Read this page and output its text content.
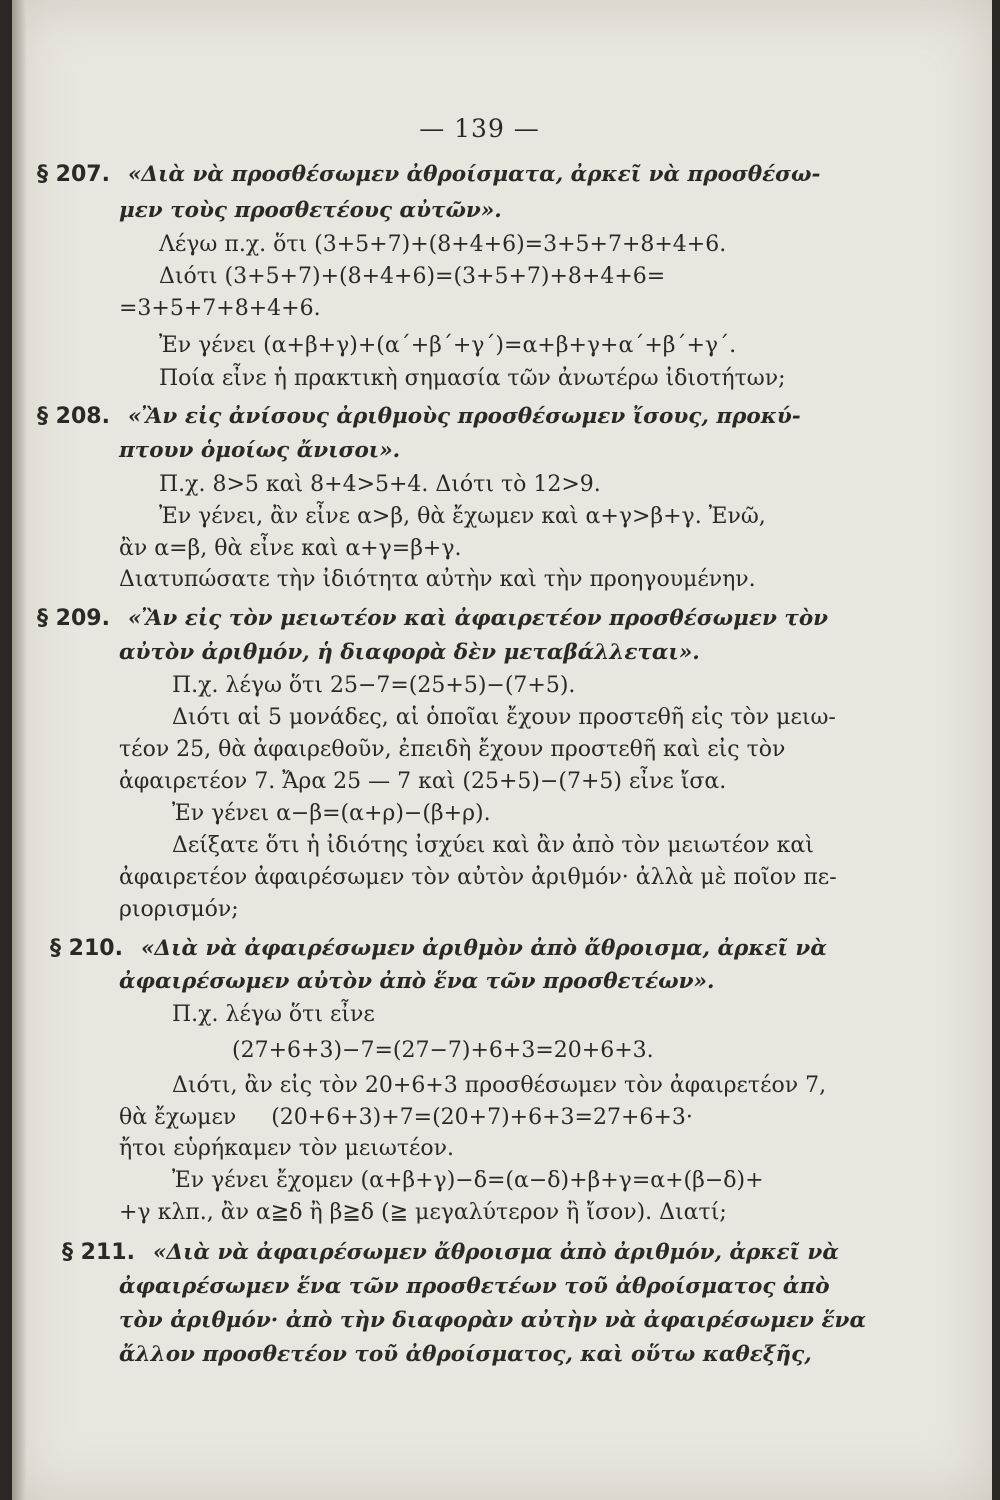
— 139 —
§ 207. «Διὰ νὰ προσθέσωμεν ἀθροίσματα, ἀρκεῖ νὰ προσθέσω-
μεν τοὺς προσθετέους αὐτῶν».
Λέγω π.χ. ὅτι (3+5+7)+(8+4+6)=3+5+7+8+4+6.
Διότι (3+5+7)+(8+4+6)=(3+5+7)+8+4+6=
=3+5+7+8+4+6.
Ἐν γένει (α+β+γ)+(α΄+β΄+γ΄)=α+β+γ+α΄+β΄+γ΄.
Ποία εἶνε ἡ πρακτικὴ σημασία τῶν ἀνωτέρω ἰδιοτήτων;
§ 208. «Ἂν εἰς ἀνίσους ἀριθμοὺς προσθέσωμεν ἴσους, προκύ-
πτουν ὁμοίως ἄνισοι».
Π.χ. 8>5 καὶ 8+4>5+4. Διότι τὸ 12>9.
Ἐν γένει, ἂν εἶνε α>β, θὰ ἔχωμεν καὶ α+γ>β+γ. Ἐνῶ,
ἂν α=β, θὰ εἶνε καὶ α+γ=β+γ.
Διατυπώσατε τὴν ἰδιότητα αὐτὴν καὶ τὴν προηγουμένην.
§ 209. «Ἂν εἰς τὸν μειωτέον καὶ ἀφαιρετέον προσθέσωμεν τὸν
αὐτὸν ἀριθμόν, ἡ διαφορὰ δὲν μεταβάλλεται».
Π.χ. λέγω ὅτι 25−7=(25+5)−(7+5).
Διότι αἱ 5 μονάδες, αἱ ὁποῖαι ἔχουν προστεθῆ εἰς τὸν μειω-
τέον 25, θὰ ἀφαιρεθοῦν, ἐπειδὴ ἔχουν προστεθῆ καὶ εἰς τὸν
ἀφαιρετέον 7. Ἄρα 25 — 7 καὶ (25+5)−(7+5) εἶνε ἴσα.
Ἐν γένει α−β=(α+ρ)−(β+ρ).
Δείξατε ὅτι ἡ ἰδιότης ἰσχύει καὶ ἂν ἀπὸ τὸν μειωτέον καὶ
ἀφαιρετέον ἀφαιρέσωμεν τὸν αὐτὸν ἀριθμόν· ἀλλὰ μὲ ποῖον πε-
ριορισμόν;
§ 210. «Διὰ νὰ ἀφαιρέσωμεν ἀριθμὸν ἀπὸ ἄθροισμα, ἀρκεῖ νὰ
ἀφαιρέσωμεν αὐτὸν ἀπὸ ἕνα τῶν προσθετέων».
Π.χ. λέγω ὅτι εἶνε
(27+6+3)−7=(27−7)+6+3=20+6+3.
Διότι, ἂν εἰς τὸν 20+6+3 προσθέσωμεν τὸν ἀφαιρετέον 7,
θὰ ἔχωμεν     (20+6+3)+7=(20+7)+6+3=27+6+3·
ἤτοι εὑρήκαμεν τὸν μειωτέον.
Ἐν γένει ἔχομεν (α+β+γ)−δ=(α−δ)+β+γ=α+(β−δ)+
+γ κλπ., ἂν α≧δ ἢ β≧δ (≧ μεγαλύτερον ἢ ἴσον). Διατί;
§ 211. «Διὰ νὰ ἀφαιρέσωμεν ἄθροισμα ἀπὸ ἀριθμόν, ἀρκεῖ νὰ
ἀφαιρέσωμεν ἕνα τῶν προσθετέων τοῦ ἀθροίσματος ἀπὸ
τὸν ἀριθμόν· ἀπὸ τὴν διαφορὰν αὐτὴν νὰ ἀφαιρέσωμεν ἕνα
ἄλλον προσθετέον τοῦ ἀθροίσματος, καὶ οὕτω καθεξῆς,
